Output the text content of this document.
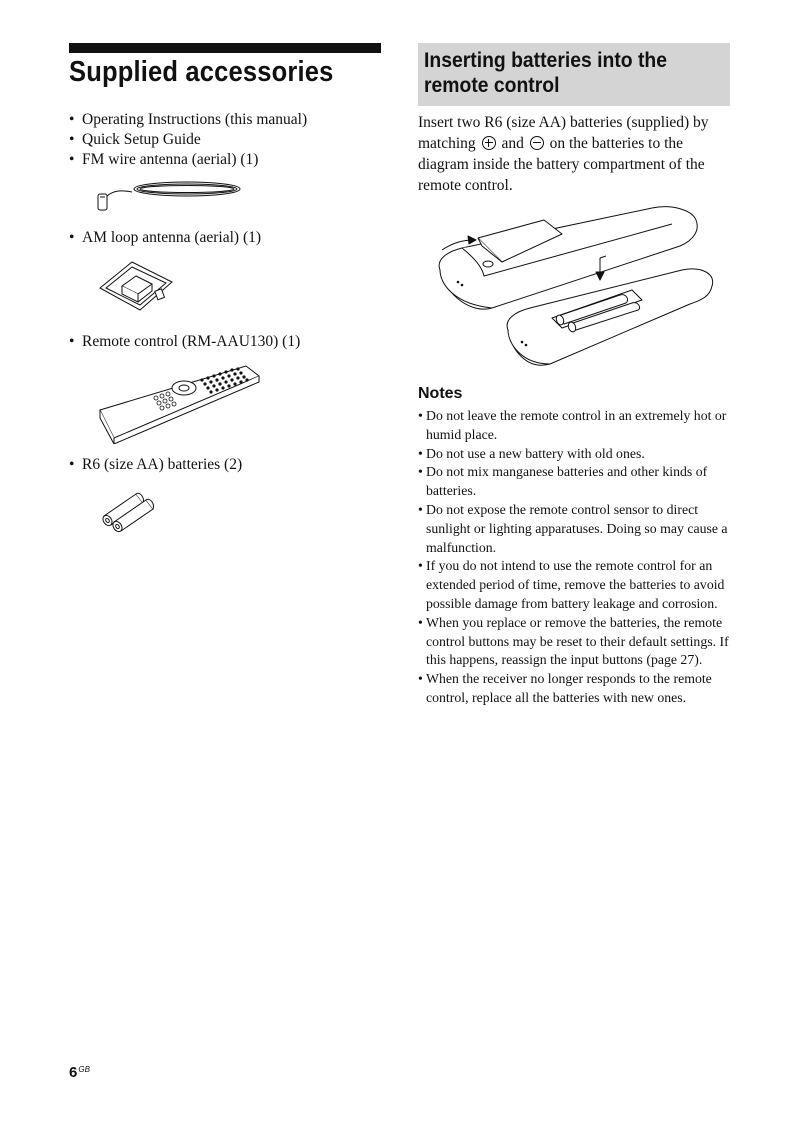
Supplied accessories
• Operating Instructions (this manual)
• Quick Setup Guide
• FM wire antenna (aerial) (1)
• AM loop antenna (aerial) (1)
• Remote control (RM-AAU130) (1)
• R6 (size AA) batteries (2)
Inserting batteries into the remote control

Insert two R6 (size AA) batteries (supplied) by matching and on the batteries to the diagram inside the battery compartment of the remote control.

Notes
• Do not leave the remote control in an extremely hot or humid place.
• Do not use a new battery with old ones.
• Do not mix manganese batteries and other kinds of batteries.
• Do not expose the remote control sensor to direct sunlight or lighting apparatuses. Doing so may cause a malfunction.
• If you do not intend to use the remote control for an extended period of time, remove the batteries to avoid possible damage from battery leakage and corrosion.
• When you replace or remove the batteries, the remote control buttons may be reset to their default settings. If this happens, reassign the input buttons (page 27).
• When the receiver no longer responds to the remote control, replace all the batteries with new ones.
$6^{GB}$
